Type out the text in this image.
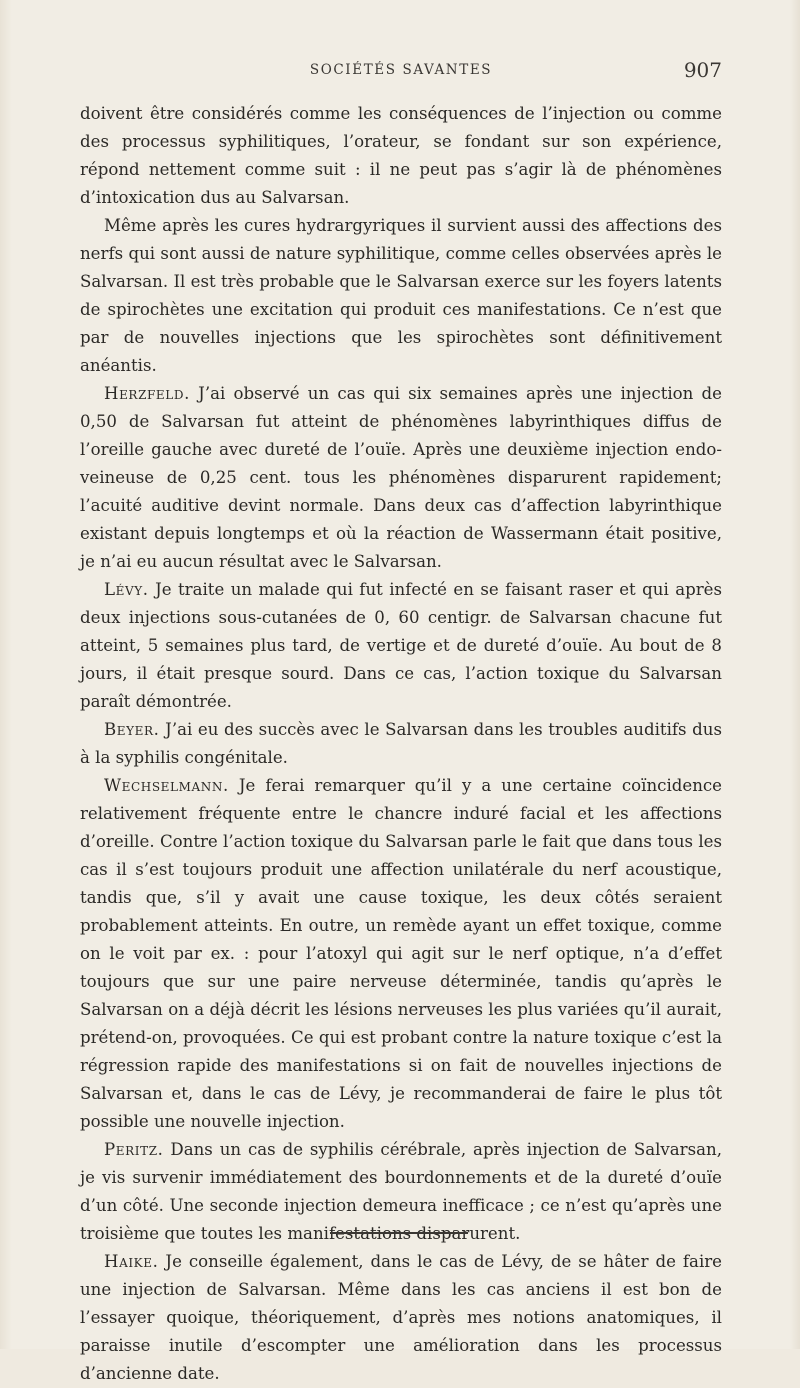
SOCIÉTÉS SAVANTES	907

doivent être considérés comme les conséquences de l’injection ou comme des processus syphilitiques, l’orateur, se fondant sur son expérience, répond nettement comme suit : il ne peut pas s’agir là de phénomènes d’intoxication dus au Salvarsan.

Même après les cures hydrargyriques il survient aussi des affections des nerfs qui sont aussi de nature syphilitique, comme celles observées après le Salvarsan. Il est très probable que le Salvarsan exerce sur les foyers latents de spirochètes une excitation qui produit ces manifestations. Ce n’est que par de nouvelles injections que les spirochètes sont définitivement anéantis.

Herzfeld. J’ai observé un cas qui six semaines après une injection de 0,50 de Salvarsan fut atteint de phénomènes labyrinthiques diffus de l’oreille gauche avec dureté de l’ouïe. Après une deuxième injection endo-veineuse de 0,25 cent. tous les phénomènes disparurent rapidement; l’acuité auditive devint normale. Dans deux cas d’affection labyrinthique existant depuis longtemps et où la réaction de Wassermann était positive, je n’ai eu aucun résultat avec le Salvarsan.

Lévy. Je traite un malade qui fut infecté en se faisant raser et qui après deux injections sous-cutanées de 0, 60 centigr. de Salvarsan chacune fut atteint, 5 semaines plus tard, de vertige et de dureté d’ouïe. Au bout de 8 jours, il était presque sourd. Dans ce cas, l’action toxique du Salvarsan paraît démontrée.

Beyer. J’ai eu des succès avec le Salvarsan dans les troubles auditifs dus à la syphilis congénitale.

Wechselmann. Je ferai remarquer qu’il y a une certaine coïncidence relativement fréquente entre le chancre induré facial et les affections d’oreille. Contre l’action toxique du Salvarsan parle le fait que dans tous les cas il s’est toujours produit une affection unilatérale du nerf acoustique, tandis que, s’il y avait une cause toxique, les deux côtés seraient probablement atteints. En outre, un remède ayant un effet toxique, comme on le voit par ex. : pour l’atoxyl qui agit sur le nerf optique, n’a d’effet toujours que sur une paire nerveuse déterminée, tandis qu’après le Salvarsan on a déjà décrit les lésions nerveuses les plus variées qu’il aurait, prétend-on, provoquées. Ce qui est probant contre la nature toxique c’est la régression rapide des manifestations si on fait de nouvelles injections de Salvarsan et, dans le cas de Lévy, je recommanderai de faire le plus tôt possible une nouvelle injection.

Peritz. Dans un cas de syphilis cérébrale, après injection de Salvarsan, je vis survenir immédiatement des bourdonnements et de la dureté d’ouïe d’un côté. Une seconde injection demeura inefficace ; ce n’est qu’après une troisième que toutes les manifestations disparurent.

Haike. Je conseille également, dans le cas de Lévy, de se hâter de faire une injection de Salvarsan. Même dans les cas anciens il est bon de l’essayer quoique, théoriquement, d’après mes notions anatomiques, il paraisse inutile d’escompter une amélioration dans les processus d’ancienne date.
